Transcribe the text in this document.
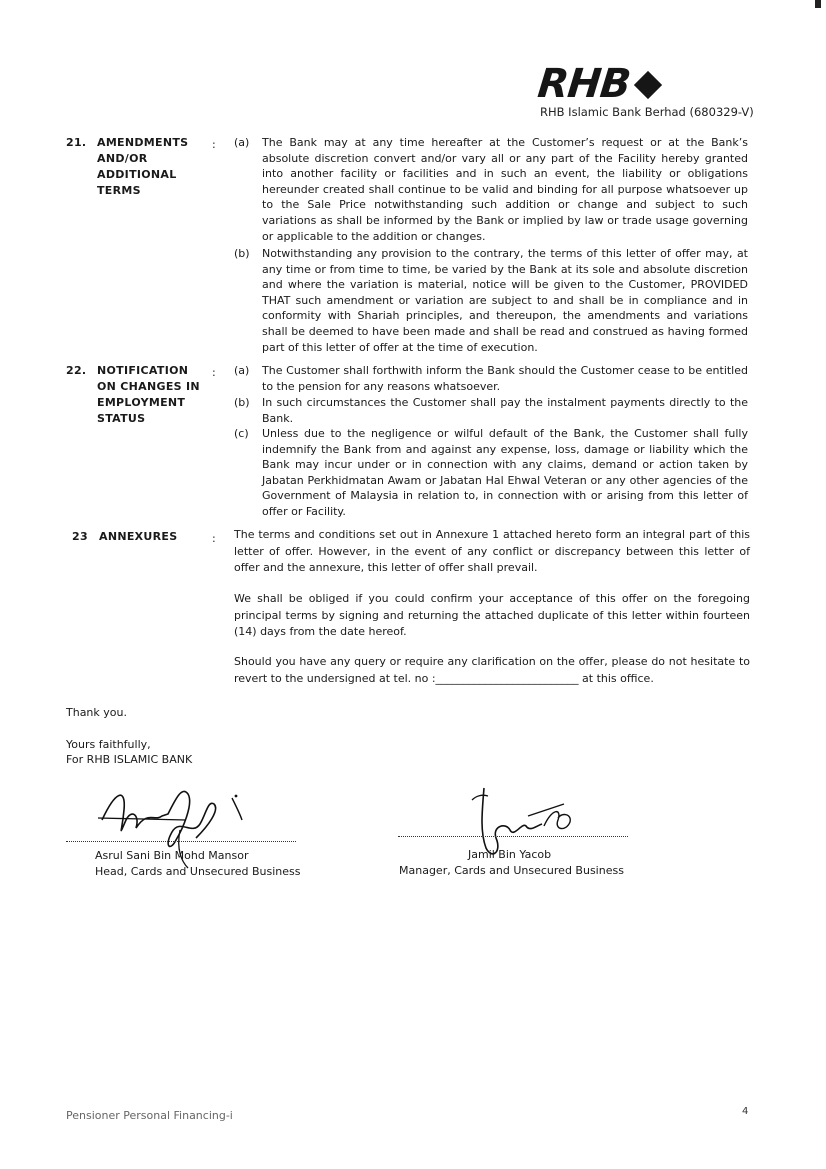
RHB
RHB Islamic Bank Berhad (680329-V)
21. AMENDMENTS AND/OR ADDITIONAL TERMS
: (a)	The Bank may at any time hereafter at the Customer’s request or at the Bank’s absolute discretion convert and/or vary all or any part of the Facility hereby granted into another facility or facilities and in such an event, the liability or obligations hereunder created shall continue to be valid and binding for all purpose whatsoever up to the Sale Price notwithstanding such addition or change and subject to such variations as shall be informed by the Bank or implied by law or trade usage governing or applicable to the addition or changes.
(b)	Notwithstanding any provision to the contrary, the terms of this letter of offer may, at any time or from time to time, be varied by the Bank at its sole and absolute discretion and where the variation is material, notice will be given to the Customer, PROVIDED THAT such amendment or variation are subject to and shall be in compliance and in conformity with Shariah principles, and thereupon, the amendments and variations shall be deemed to have been made and shall be read and construed as having formed part of this letter of offer at the time of execution.
22. NOTIFICATION ON CHANGES IN EMPLOYMENT STATUS
: (a)	The Customer shall forthwith inform the Bank should the Customer cease to be entitled to the pension for any reasons whatsoever.
(b)	In such circumstances the Customer shall pay the instalment payments directly to the Bank.
(c)	Unless due to the negligence or wilful default of the Bank, the Customer shall fully indemnify the Bank from and against any expense, loss, damage or liability which the Bank may incur under or in connection with any claims, demand or action taken by Jabatan Perkhidmatan Awam or Jabatan Hal Ehwal Veteran or any other agencies of the Government of Malaysia in relation to, in connection with or arising from this letter of offer or Facility.
23	ANNEXURES	: The terms and conditions set out in Annexure 1 attached hereto form an integral part of this letter of offer. However, in the event of any conflict or discrepancy between this letter of offer and the annexure, this letter of offer shall prevail.
We shall be obliged if you could confirm your acceptance of this offer on the foregoing principal terms by signing and returning the attached duplicate of this letter within fourteen (14) days from the date hereof.
Should you have any query or require any clarification on the offer, please do not hesitate to revert to the undersigned at tel. no :__________________________ at this office.
Thank you.
Yours faithfully,
For RHB ISLAMIC BANK
Asrul Sani Bin Mohd Mansor
Head, Cards and Unsecured Business
Jamil Bin Yacob
Manager, Cards and Unsecured Business
Pensioner Personal Financing-i	4
